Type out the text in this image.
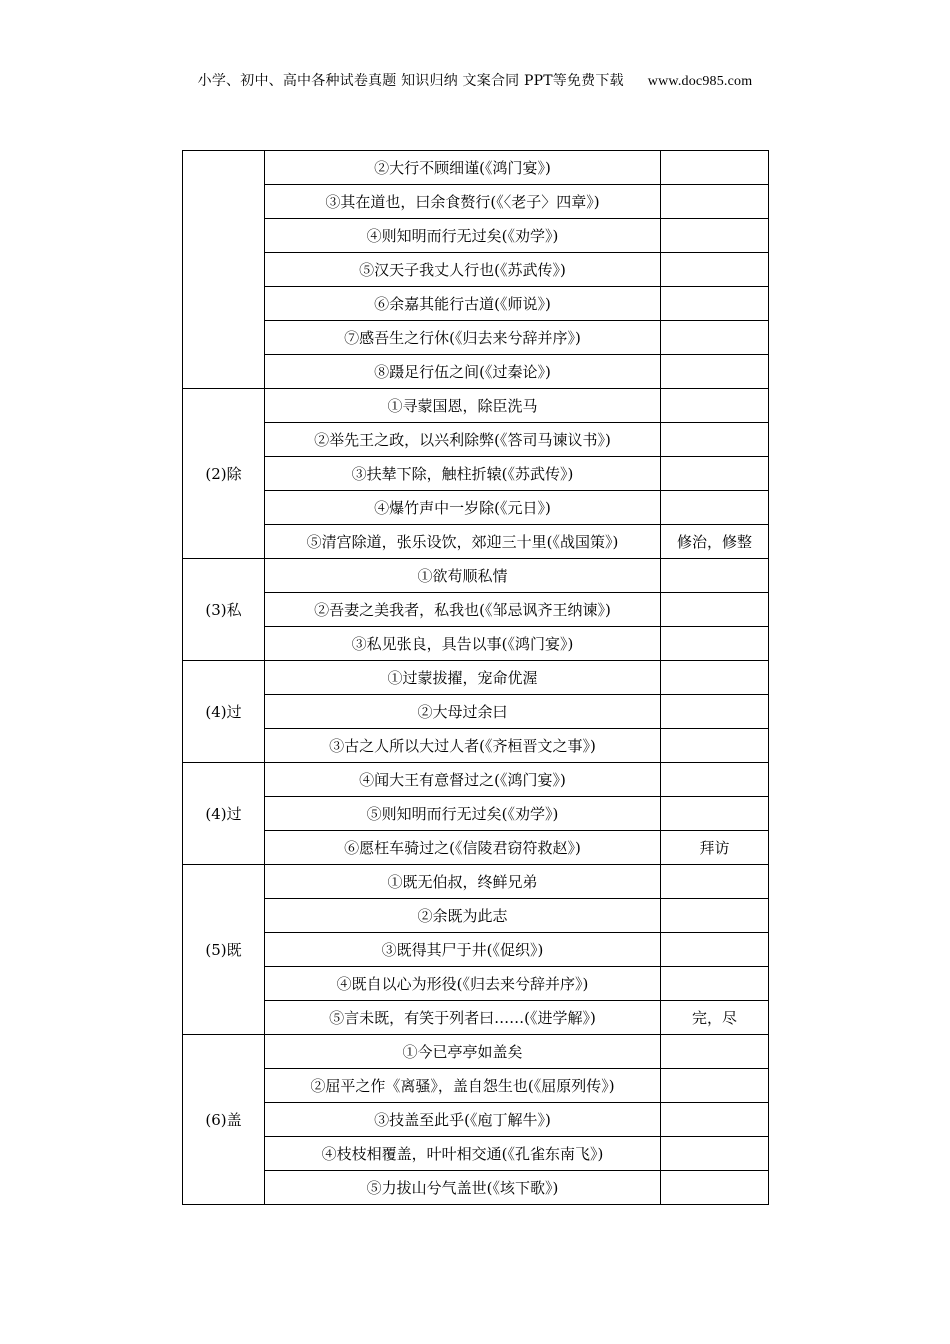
小学、初中、高中各种试卷真题 知识归纳 文案合同 PPT等免费下载 www.doc985.com
	②大行不顾细谨(《鸿门宴》)	
	③其在道也，曰余食赘行(《〈老子〉四章》)	
	④则知明而行无过矣(《劝学》)	
	⑤汉天子我丈人行也(《苏武传》)	
	⑥余嘉其能行古道(《师说》)	
	⑦感吾生之行休(《归去来兮辞并序》)	
	⑧蹑足行伍之间(《过秦论》)	
(2)除	①寻蒙国恩，除臣洗马	
	②举先王之政，以兴利除弊(《答司马谏议书》)	
	③扶辇下除，触柱折辕(《苏武传》)	
	④爆竹声中一岁除(《元日》)	
	⑤清宫除道，张乐设饮，郊迎三十里(《战国策》)	修治，修整
(3)私	①欲苟顺私情	
	②吾妻之美我者，私我也(《邹忌讽齐王纳谏》)	
	③私见张良，具告以事(《鸿门宴》)	
(4)过	①过蒙拔擢，宠命优渥	
	②大母过余曰	
	③古之人所以大过人者(《齐桓晋文之事》)	
(4)过	④闻大王有意督过之(《鸿门宴》)	
	⑤则知明而行无过矣(《劝学》)	
	⑥愿枉车骑过之(《信陵君窃符救赵》)	拜访
(5)既	①既无伯叔，终鲜兄弟	
	②余既为此志	
	③既得其尸于井(《促织》)	
	④既自以心为形役(《归去来兮辞并序》)	
	⑤言未既，有笑于列者曰……(《进学解》)	完，尽
(6)盖	①今已亭亭如盖矣	
	②屈平之作《离骚》，盖自怨生也(《屈原列传》)	
	③技盖至此乎(《庖丁解牛》)	
	④枝枝相覆盖，叶叶相交通(《孔雀东南飞》)	
	⑤力拔山兮气盖世(《垓下歌》)	
